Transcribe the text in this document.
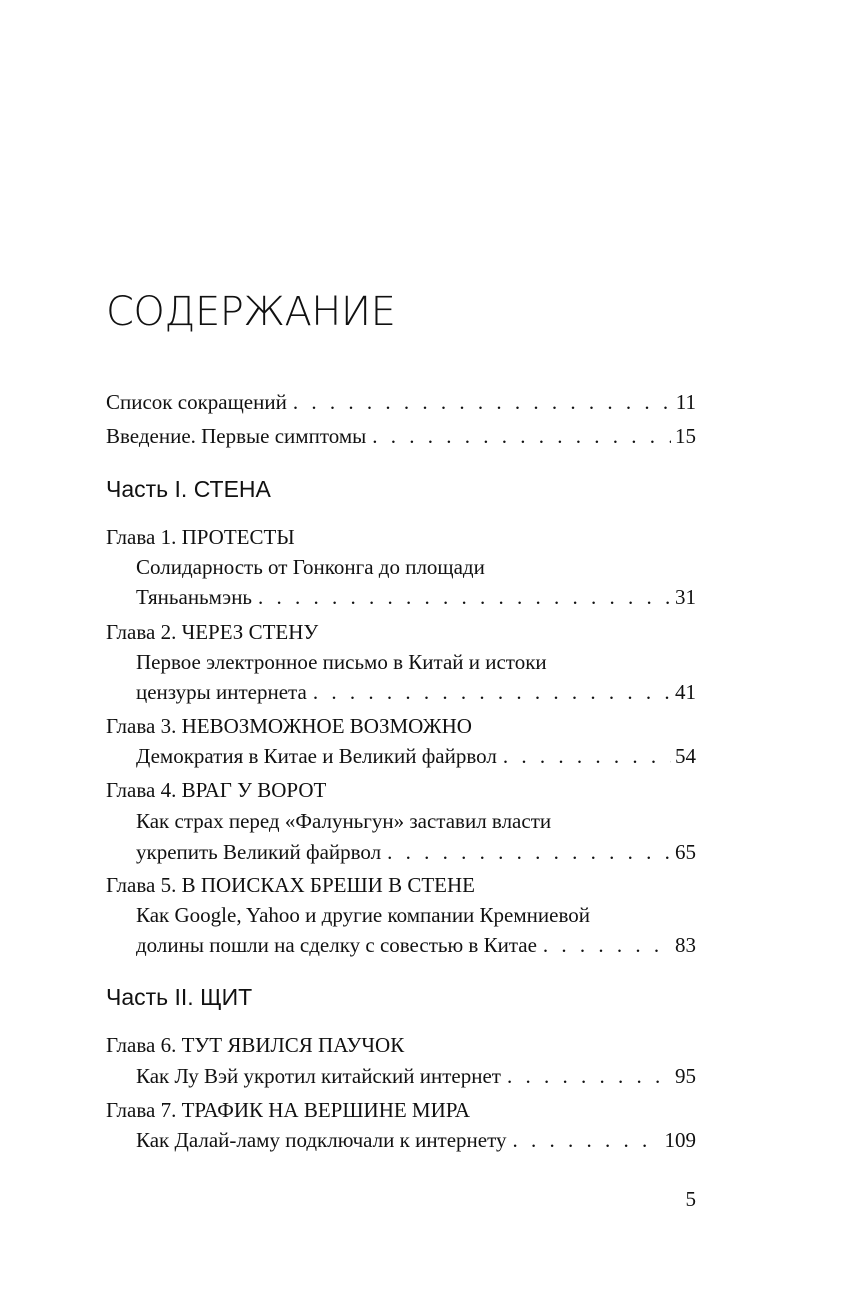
СОДЕРЖАНИЕ
Список сокращений . . .	11
Введение. Первые симптомы . . .	15
Часть I. СТЕНА
Глава 1. ПРОТЕСТЫ
Солидарность от Гонконга до площади
Тяньаньмэнь . . .	31
Глава 2. ЧЕРЕЗ СТЕНУ
Первое электронное письмо в Китай и истоки
цензуры интернета . . .	41
Глава 3. НЕВОЗМОЖНОЕ ВОЗМОЖНО
Демократия в Китае и Великий файрвол . . .	54
Глава 4. ВРАГ У ВОРОТ
Как страх перед «Фалуньгун» заставил власти
укрепить Великий файрвол . . .	65
Глава 5. В ПОИСКАХ БРЕШИ В СТЕНЕ
Как Google, Yahoo и другие компании Кремниевой
долины пошли на сделку с совестью в Китае . . .	83
Часть II. ЩИТ
Глава 6. ТУТ ЯВИЛСЯ ПАУЧОК
Как Лу Вэй укротил китайский интернет . . .	95
Глава 7. ТРАФИК НА ВЕРШИНЕ МИРА
Как Далай-ламу подключали к интернету . . .	109
5
